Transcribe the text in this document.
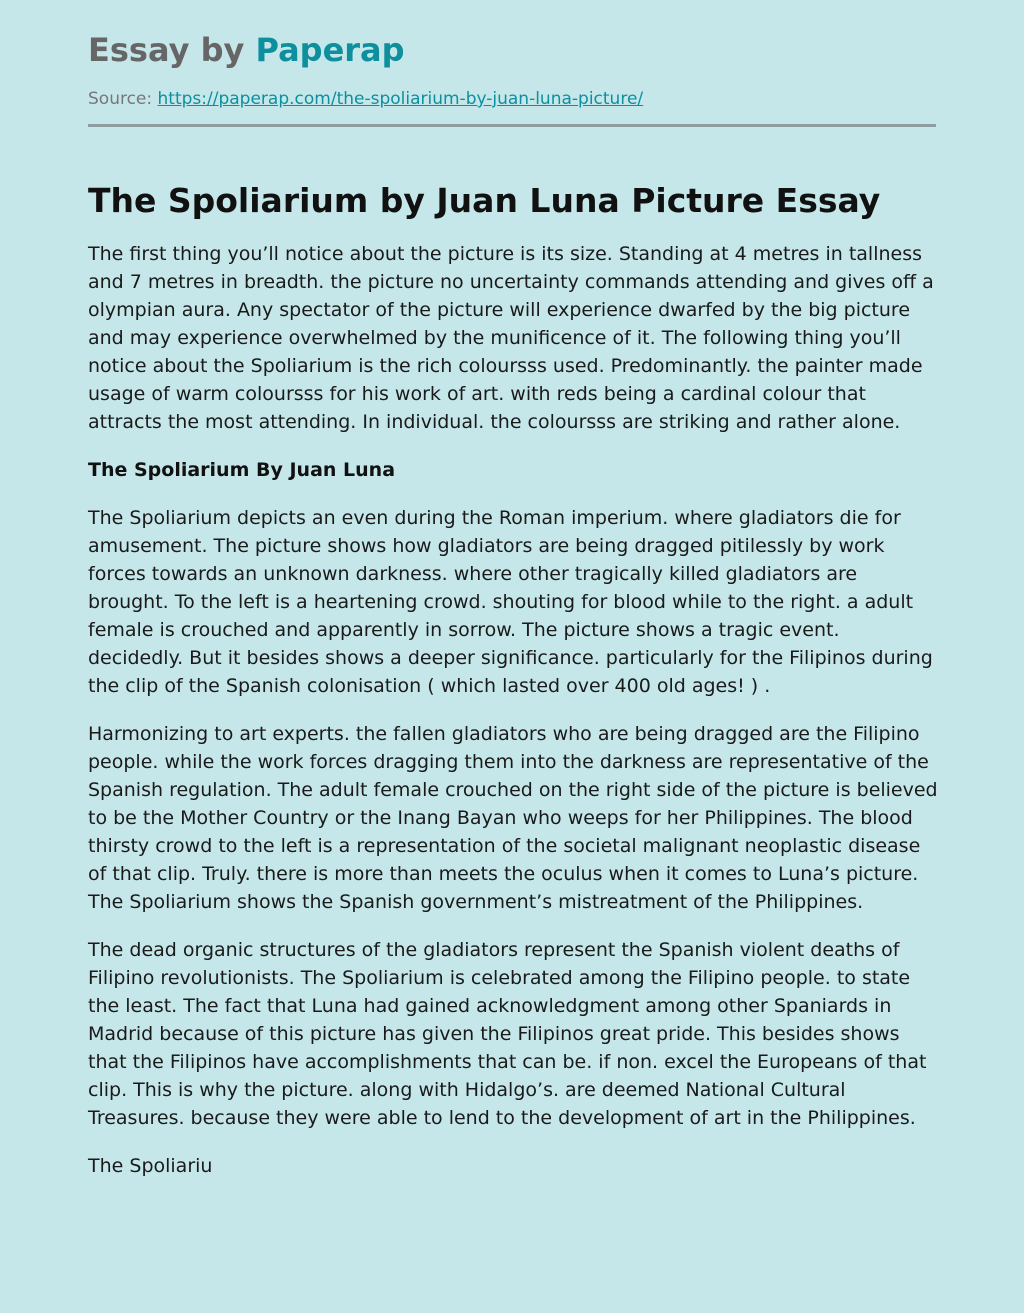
Essay by Paperap
Source: https://paperap.com/the-spoliarium-by-juan-luna-picture/
The Spoliarium by Juan Luna Picture Essay

The first thing you’ll notice about the picture is its size. Standing at 4 metres in tallness and 7 metres in breadth. the picture no uncertainty commands attending and gives off a olympian aura. Any spectator of the picture will experience dwarfed by the big picture and may experience overwhelmed by the munificence of it. The following thing you’ll notice about the Spoliarium is the rich coloursss used. Predominantly. the painter made usage of warm coloursss for his work of art. with reds being a cardinal colour that attracts the most attending. In individual. the coloursss are striking and rather alone.

The Spoliarium By Juan Luna

The Spoliarium depicts an even during the Roman imperium. where gladiators die for amusement. The picture shows how gladiators are being dragged pitilessly by work forces towards an unknown darkness. where other tragically killed gladiators are brought. To the left is a heartening crowd. shouting for blood while to the right. a adult female is crouched and apparently in sorrow. The picture shows a tragic event. decidedly. But it besides shows a deeper significance. particularly for the Filipinos during the clip of the Spanish colonisation ( which lasted over 400 old ages! ) .

Harmonizing to art experts. the fallen gladiators who are being dragged are the Filipino people. while the work forces dragging them into the darkness are representative of the Spanish regulation. The adult female crouched on the right side of the picture is believed to be the Mother Country or the Inang Bayan who weeps for her Philippines. The blood thirsty crowd to the left is a representation of the societal malignant neoplastic disease of that clip. Truly. there is more than meets the oculus when it comes to Luna’s picture. The Spoliarium shows the Spanish government’s mistreatment of the Philippines.

The dead organic structures of the gladiators represent the Spanish violent deaths of Filipino revolutionists. The Spoliarium is celebrated among the Filipino people. to state the least. The fact that Luna had gained acknowledgment among other Spaniards in Madrid because of this picture has given the Filipinos great pride. This besides shows that the Filipinos have accomplishments that can be. if non. excel the Europeans of that clip. This is why the picture. along with Hidalgo’s. are deemed National Cultural Treasures. because they were able to lend to the development of art in the Philippines.

The Spoliariu
